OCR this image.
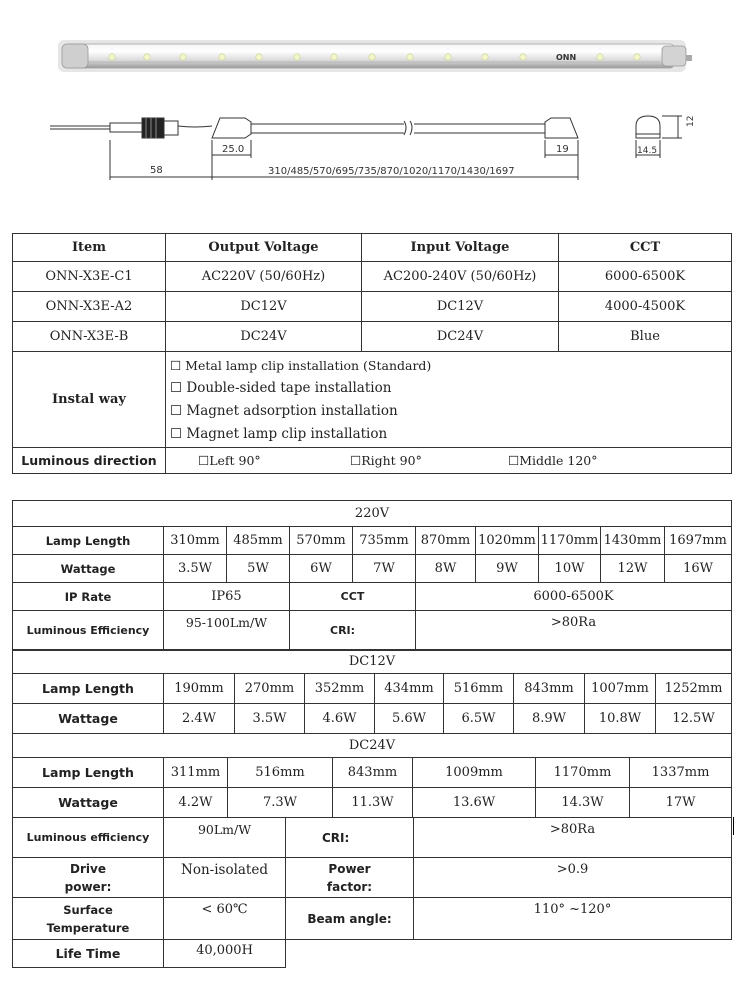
ONN
58
25.0	19
310/485/570/695/735/870/1020/1170/1430/1697
14.5
12
Item	Output Voltage	Input Voltage	CCT
ONN-X3E-C1	AC220V (50/60Hz)	AC200-240V (50/60Hz)	6000-6500K
ONN-X3E-A2	DC12V	DC12V	4000-4500K
ONN-X3E-B	DC24V	DC24V	Blue
Instal way	☐ Metal lamp clip installation (Standard)
☐ Double-sided tape installation
☐ Magnet adsorption installation
☐ Magnet lamp clip installation		

Luminous direction	☐Left 90° ☐Right 90° ☐Middle 120°		
220V									
Lamp Length	310mm	485mm	570mm	735mm	870mm	1020mm	1170mm	1430mm	1697mm
Wattage	3.5W	5W	6W	7W	8W	9W	10W	12W	16W
IP Rate	IP65		CCT		6000-6500K				
Luminous Efficiency	95-100Lm/W		CRI:		>80Ra				
DC12V								
Lamp Length	190mm	270mm	352mm	434mm	516mm	843mm	1007mm	1252mm
Wattage	2.4W	3.5W	4.6W	5.6W	6.5W	8.9W	10.8W	12.5W
DC24V						
Lamp Length	311mm	516mm	843mm	1009mm	1170mm	1337mm
Wattage	4.2W	7.3W	11.3W	13.6W	14.3W	17W
Luminous efficiency	90Lm/W	CRI:	>80Ra
Drive power:	Non-isolated	Power factor:	>0.9
Surface Temperature	< 60℃	Beam angle:	110° ~120°
Life Time	40,000H		
